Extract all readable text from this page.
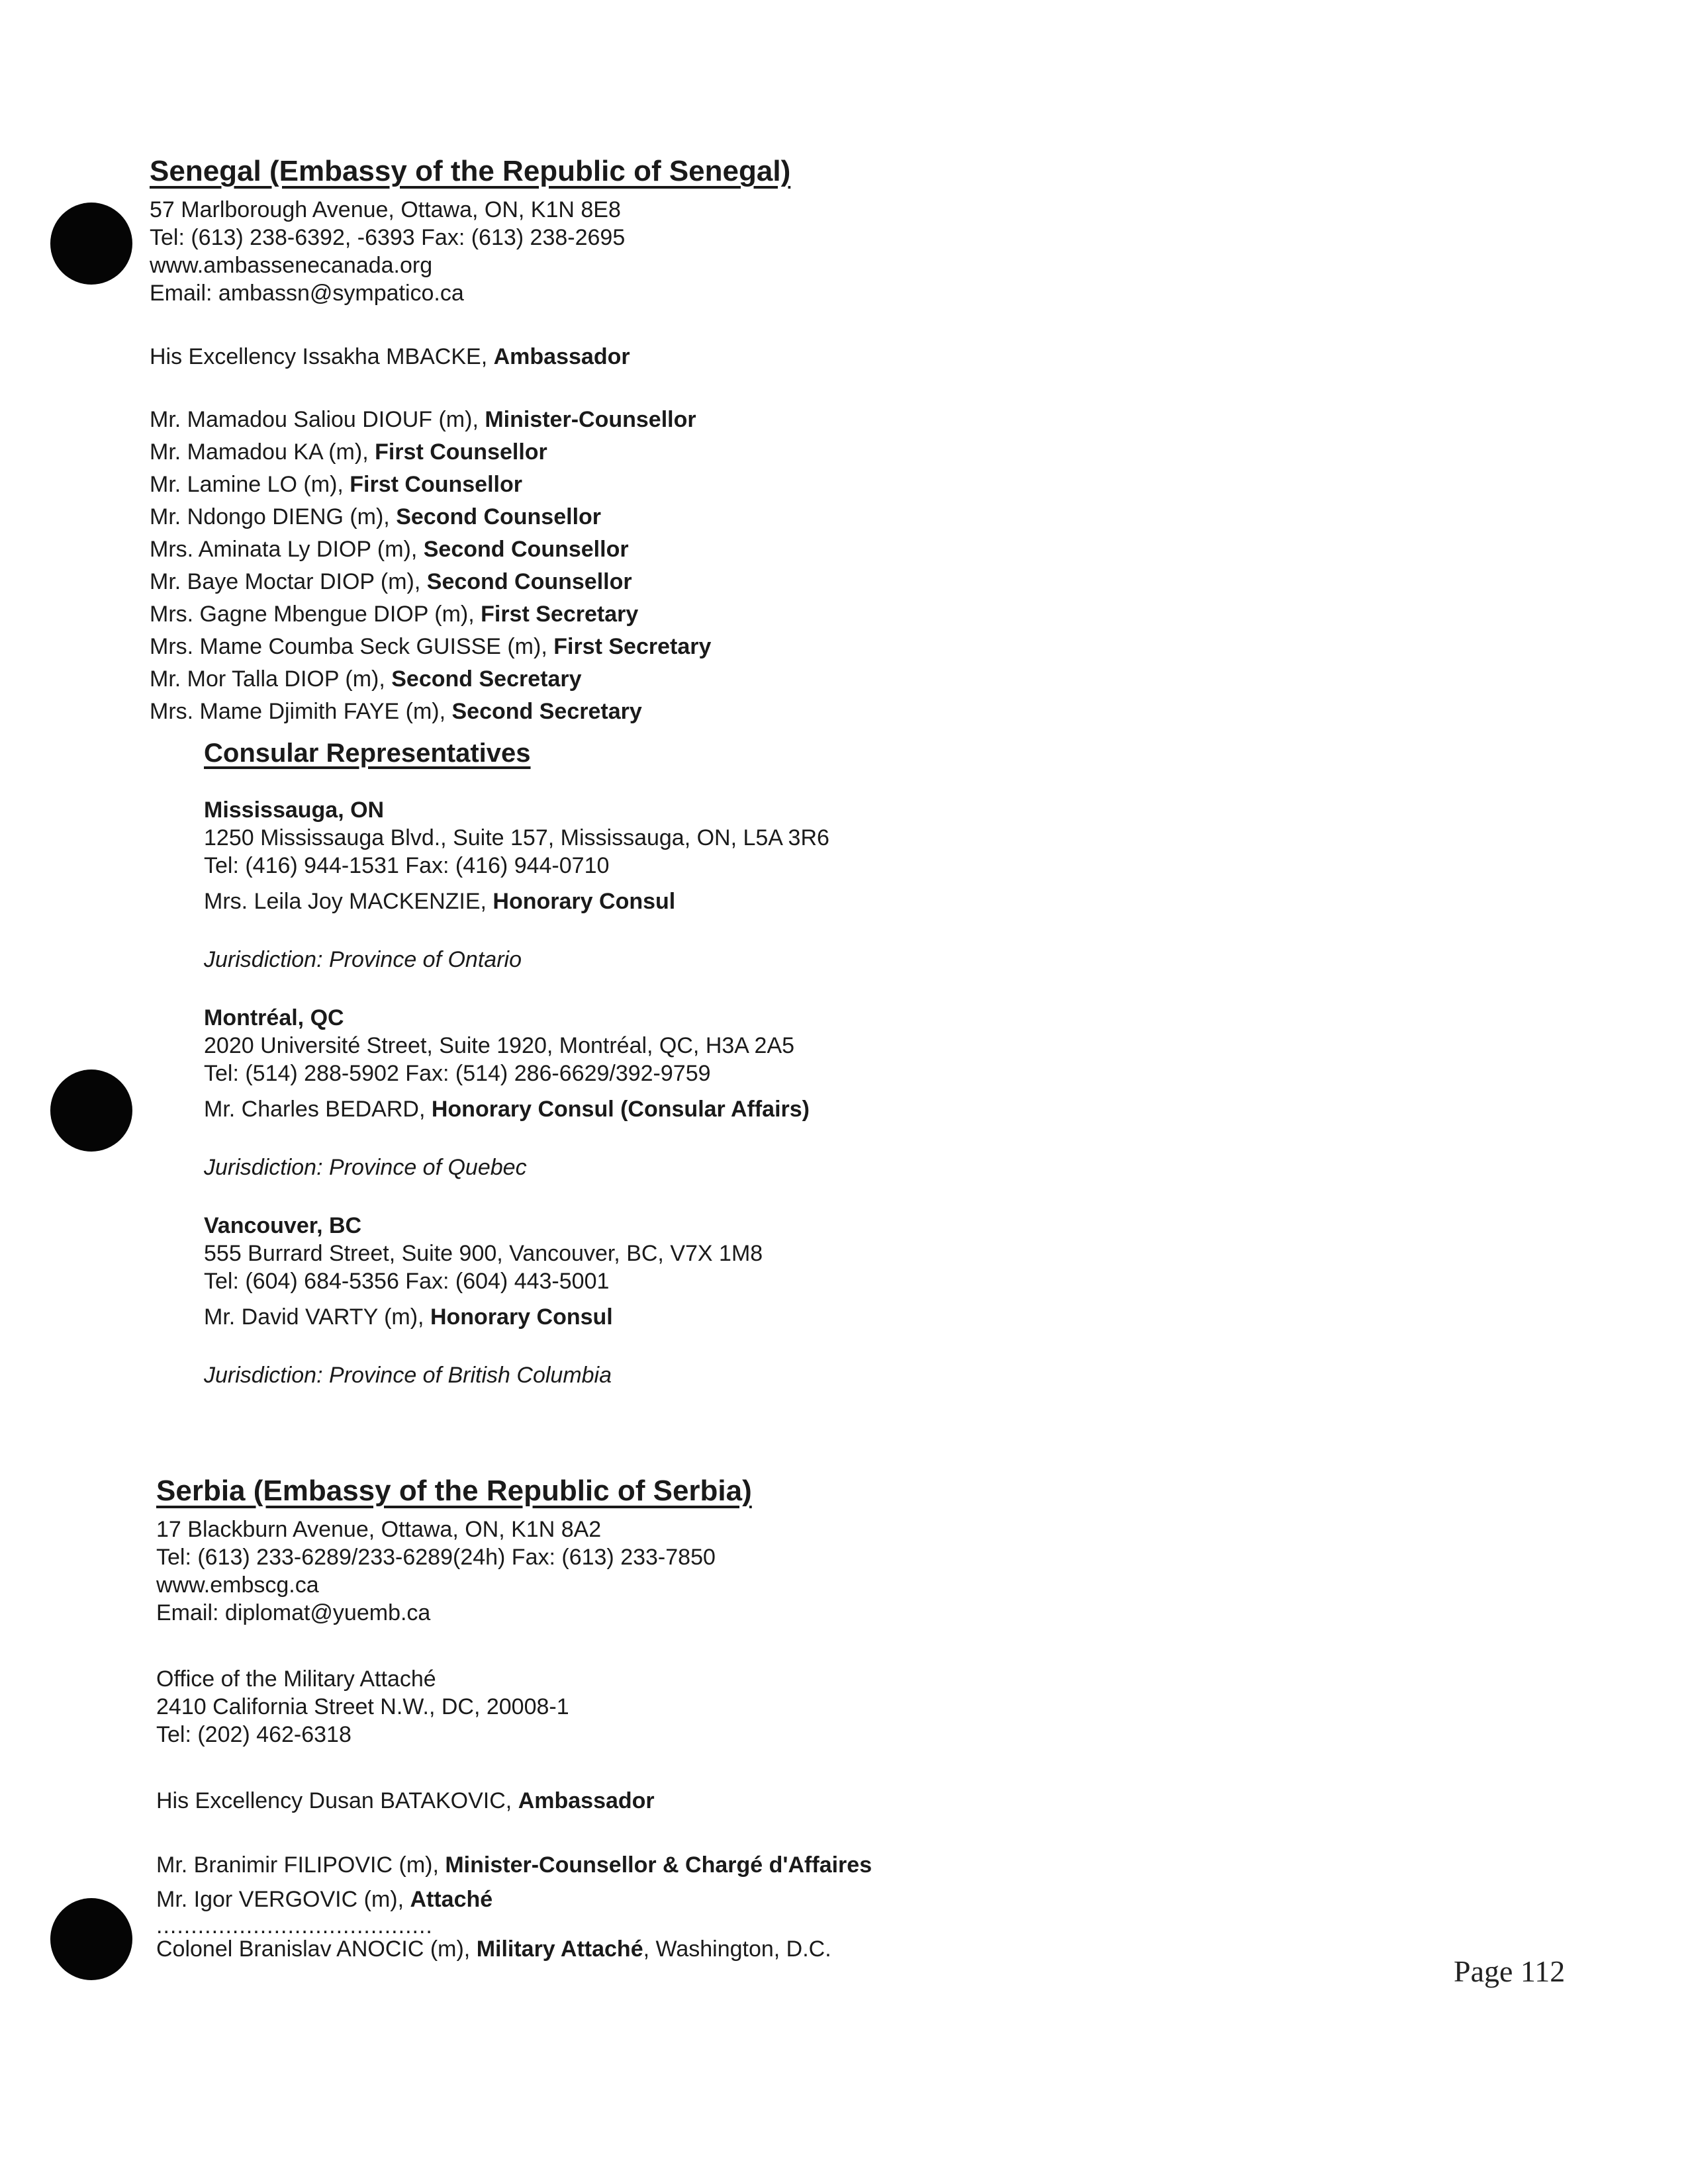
Senegal (Embassy of the Republic of Senegal)
57 Marlborough Avenue, Ottawa, ON, K1N 8E8
Tel: (613) 238-6392, -6393 Fax: (613) 238-2695
www.ambassenecanada.org
Email: ambassn@sympatico.ca
His Excellency Issakha MBACKE, Ambassador
Mr. Mamadou Saliou DIOUF (m), Minister-Counsellor
Mr. Mamadou KA (m), First Counsellor
Mr. Lamine LO (m), First Counsellor
Mr. Ndongo DIENG (m), Second Counsellor
Mrs. Aminata Ly DIOP (m), Second Counsellor
Mr. Baye Moctar DIOP (m), Second Counsellor
Mrs. Gagne Mbengue DIOP (m), First Secretary
Mrs. Mame Coumba Seck GUISSE (m), First Secretary
Mr. Mor Talla DIOP (m), Second Secretary
Mrs. Mame Djimith FAYE (m), Second Secretary
Consular Representatives
Mississauga, ON
1250 Mississauga Blvd., Suite 157, Mississauga, ON, L5A 3R6
Tel: (416) 944-1531 Fax: (416) 944-0710
Mrs. Leila Joy MACKENZIE, Honorary Consul
Jurisdiction: Province of Ontario
Montréal, QC
2020 Université Street, Suite 1920, Montréal, QC, H3A 2A5
Tel: (514) 288-5902 Fax: (514) 286-6629/392-9759
Mr. Charles BEDARD, Honorary Consul (Consular Affairs)
Jurisdiction: Province of Quebec
Vancouver, BC
555 Burrard Street, Suite 900, Vancouver, BC, V7X 1M8
Tel: (604) 684-5356 Fax: (604) 443-5001
Mr. David VARTY (m), Honorary Consul
Jurisdiction: Province of British Columbia
Serbia (Embassy of the Republic of Serbia)
17 Blackburn Avenue, Ottawa, ON, K1N 8A2
Tel: (613) 233-6289/233-6289(24h) Fax: (613) 233-7850
www.embscg.ca
Email: diplomat@yuemb.ca
Office of the Military Attaché
2410 California Street N.W., DC, 20008-1
Tel: (202) 462-6318
His Excellency Dusan BATAKOVIC, Ambassador
Mr. Branimir FILIPOVIC (m), Minister-Counsellor & Chargé d'Affaires
Mr. Igor VERGOVIC (m), Attaché
........................................
Colonel Branislav ANOCIC (m), Military Attaché, Washington, D.C.
Page 112
